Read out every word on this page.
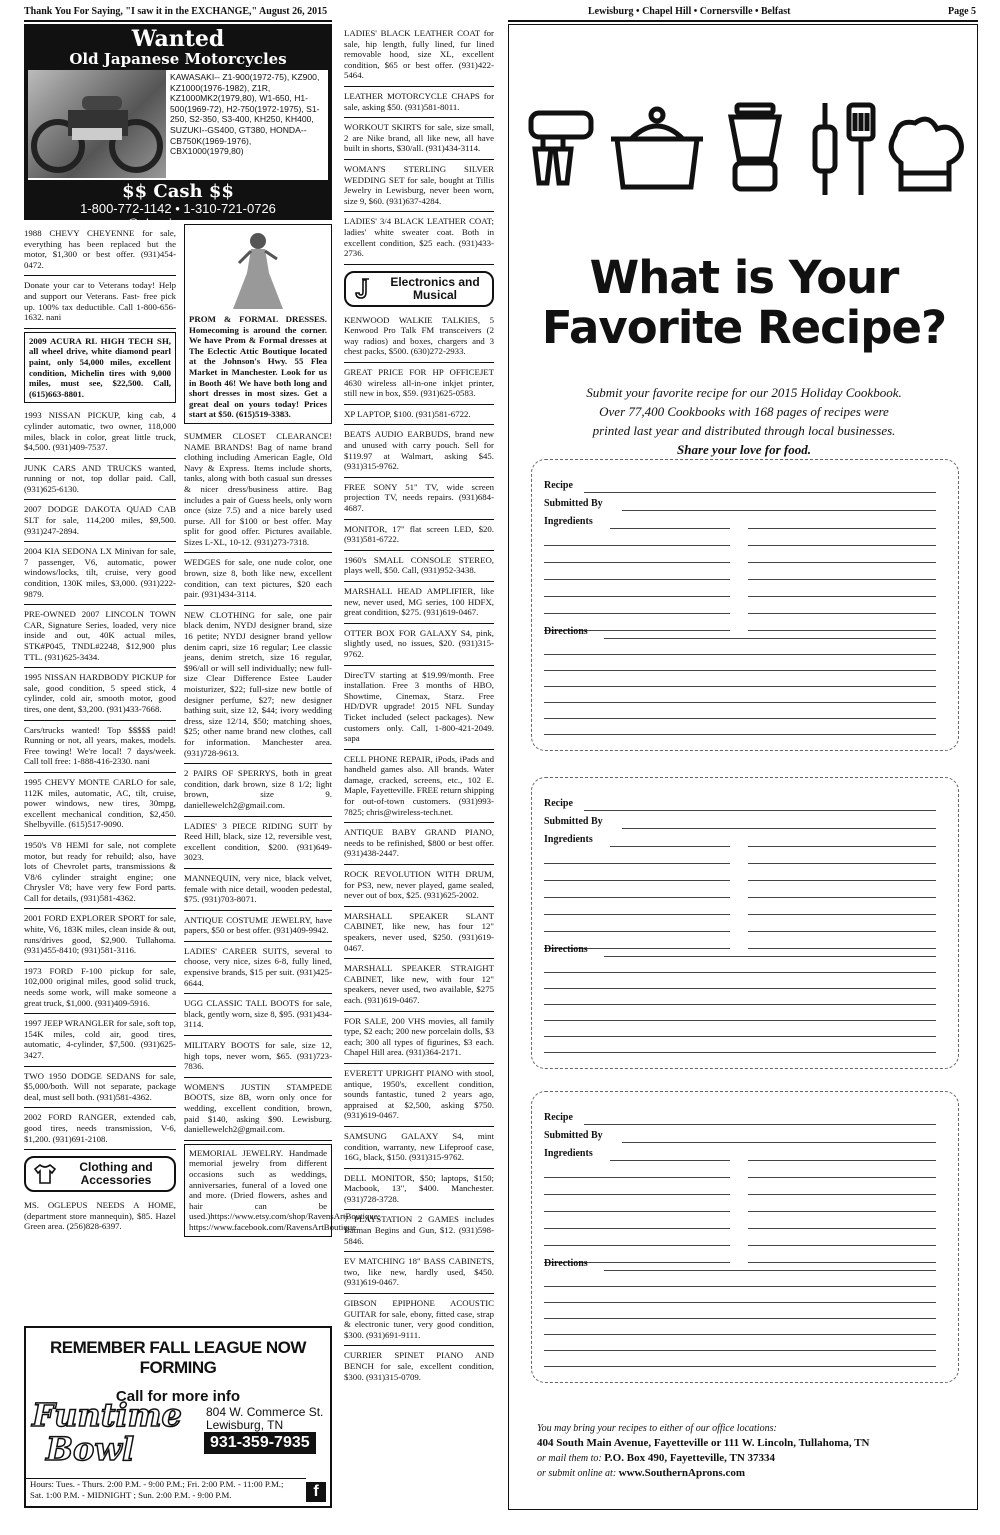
Thank You For Saying, "I saw it in the EXCHANGE," August 26, 2015	Lewisburg • Chapel Hill • Cornersville • Belfast	Page 5
Wanted
Old Japanese Motorcycles
KAWASAKI-- Z1-900(1972-75), KZ900, KZ1000(1976-1982), Z1R, KZ1000MK2(1979,80), W1-650, H1-500(1969-72), H2-750(1972-1975), S1-250, S2-350, S3-400, KH250, KH400, SUZUKI--GS400, GT380, HONDA--CB750K(1969-1976), CBX1000(1979,80)
$$ Cash $$
1-800-772-1142 • 1-310-721-0726
usa@classicrunners.com
1988 CHEVY CHEYENNE for sale, everything has been replaced but the motor, $1,300 or best offer. (931)454-0472.
Donate your car to Veterans today! Help and support our Veterans. Fast- free pick up. 100% tax deductible. Call 1-800-656-1632. nani
2009 ACURA RL HIGH TECH SH, all wheel drive, white diamond pearl paint, only 54,000 miles, excellent condition, Michelin tires with 9,000 miles, must see, $22,500. Call, (615)663-8801.
1993 NISSAN PICKUP, king cab, 4 cylinder automatic, two owner, 118,000 miles, black in color, great little truck, $4,500. (931)409-7537.
JUNK CARS AND TRUCKS wanted, running or not, top dollar paid. Call, (931)625-6130.
2007 DODGE DAKOTA QUAD CAB SLT for sale, 114,200 miles, $9,500. (931)247-2894.
2004 KIA SEDONA LX Minivan for sale, 7 passenger, V6, automatic, power windows/locks, tilt, cruise, very good condition, 130K miles, $3,000. (931)222-9879.
PRE-OWNED 2007 LINCOLN TOWN CAR, Signature Series, loaded, very nice inside and out, 40K actual miles, STK#P045, TNDL#2248, $12,900 plus TTL. (931)625-3434.
1995 NISSAN HARDBODY PICKUP for sale, good condition, 5 speed stick, 4 cylinder, cold air, smooth motor, good tires, one dent, $3,200. (931)433-7668.
Cars/trucks wanted! Top $$$$$ paid! Running or not, all years, makes, models. Free towing! We're local! 7 days/week. Call toll free: 1-888-416-2330. nani
1995 CHEVY MONTE CARLO for sale, 112K miles, automatic, AC, tilt, cruise, power windows, new tires, 30mpg, excellent mechanical condition, $2,450. Shelbyville. (615)517-9090.
1950's V8 HEMI for sale, not complete motor, but ready for rebuild; also, have lots of Chevrolet parts, transmissions & V8/6 cylinder straight engine; one Chrysler V8; have very few Ford parts. Call for details, (931)581-4362.
2001 FORD EXPLORER SPORT for sale, white, V6, 183K miles, clean inside & out, runs/drives good, $2,900. Tullahoma. (931)455-8410; (931)581-3116.
1973 FORD F-100 pickup for sale, 102,000 original miles, good solid truck, needs some work, will make someone a great truck, $1,000. (931)409-5916.
1997 JEEP WRANGLER for sale, soft top, 154K miles, cold air, good tires, automatic, 4-cylinder, $7,500. (931)625-3427.
TWO 1950 DODGE SEDANS for sale, $5,000/both. Will not separate, package deal, must sell both. (931)581-4362.
2002 FORD RANGER, extended cab, good tires, needs transmission, V-6, $1,200. (931)691-2108.
Clothing and Accessories
MS. OGLEPUS NEEDS A HOME, (department store mannequin), $85. Hazel Green area. (256)828-6397.
PROM & FORMAL DRESSES. Homecoming is around the corner. We have Prom & Formal dresses at The Eclectic Attic Boutique located at the Johnson's Hwy. 55 Flea Market in Manchester. Look for us in Booth 46! We have both long and short dresses in most sizes. Get a great deal on yours today! Prices start at $50. (615)519-3383.
SUMMER CLOSET CLEARANCE! NAME BRANDS! Bag of name brand clothing including American Eagle, Old Navy & Express. Items include shorts, tanks, along with both casual sun dresses & nicer dress/business attire. Bag includes a pair of Guess heels, only worn once (size 7.5) and a nice barely used purse. All for $100 or best offer. May split for good offer. Pictures available. Sizes L-XL, 10-12. (931)273-7318.
WEDGES for sale, one nude color, one brown, size 8, both like new, excellent condition, can text pictures, $20 each pair. (931)434-3114.
NEW CLOTHING for sale, one pair black denim, NYDJ designer brand, size 16 petite; NYDJ designer brand yellow denim capri, size 16 regular; Lee classic jeans, denim stretch, size 16 regular, $96/all or will sell individually; new full-size Clear Difference Estee Lauder moisturizer, $22; full-size new bottle of designer perfume, $27; new designer bathing suit, size 12, $44; ivory wedding dress, size 12/14, $50; matching shoes, $25; other name brand new clothes, call for information. Manchester area. (931)728-9613.
2 PAIRS OF SPERRYS, both in great condition, dark brown, size 8 1/2; light brown, size 9. daniellewelch2@gmail.com.
LADIES' 3 PIECE RIDING SUIT by Reed Hill, black, size 12, reversible vest, excellent condition, $200. (931)649-3023.
MANNEQUIN, very nice, black velvet, female with nice detail, wooden pedestal, $75. (931)703-8071.
ANTIQUE COSTUME JEWELRY, have papers, $50 or best offer. (931)409-9942.
LADIES' CAREER SUITS, several to choose, very nice, sizes 6-8, fully lined, expensive brands, $15 per suit. (931)425-6644.
UGG CLASSIC TALL BOOTS for sale, black, gently worn, size 8, $95. (931)434-3114.
MILITARY BOOTS for sale, size 12, high tops, never worn, $65. (931)723-7836.
WOMEN'S JUSTIN STAMPEDE BOOTS, size 8B, worn only once for wedding, excellent condition, brown, paid $140, asking $90. Lewisburg. daniellewelch2@gmail.com.
MEMORIAL JEWELRY. Handmade memorial jewelry from different occasions such as weddings, anniversaries, funeral of a loved one and more. (Dried flowers, ashes and hair can be used.)https://www.etsy.com/shop/RavensArtBoutique; https://www.facebook.com/RavensArtBoutique.
LADIES' BLACK LEATHER COAT for sale, hip length, fully lined, fur lined removable hood, size XL, excellent condition, $65 or best offer. (931)422-5464.
LEATHER MOTORCYCLE CHAPS for sale, asking $50. (931)581-8011.
WORKOUT SKIRTS for sale, size small, 2 are Nike brand, all like new, all have built in shorts, $30/all. (931)434-3114.
WOMAN'S STERLING SILVER WEDDING SET for sale, bought at Tillis Jewelry in Lewisburg, never been worn, size 9, $60. (931)637-4284.
LADIES' 3/4 BLACK LEATHER COAT; ladies' white sweater coat. Both in excellent condition, $25 each. (931)433-2736.
Electronics and Musical
KENWOOD WALKIE TALKIES, 5 Kenwood Pro Talk FM transceivers (2 way radios) and boxes, chargers and 3 chest packs, $500. (630)272-2933.
GREAT PRICE FOR HP OFFICEJET 4630 wireless all-in-one inkjet printer, still new in box, $59. (931)625-0583.
XP LAPTOP, $100. (931)581-6722.
BEATS AUDIO EARBUDS, brand new and unused with carry pouch. Sell for $119.97 at Walmart, asking $45. (931)315-9762.
FREE SONY 51" TV, wide screen projection TV, needs repairs. (931)684-4687.
MONITOR, 17" flat screen LED, $20. (931)581-6722.
1960's SMALL CONSOLE STEREO, plays well, $50. Call, (931)952-3438.
MARSHALL HEAD AMPLIFIER, like new, never used, MG series, 100 HDFX, great condition, $275. (931)619-0467.
OTTER BOX FOR GALAXY S4, pink, slightly used, no issues, $20. (931)315-9762.
DirecTV starting at $19.99/month. Free installation. Free 3 months of HBO, Showtime, Cinemax, Starz. Free HD/DVR upgrade! 2015 NFL Sunday Ticket included (select packages). New customers only. Call, 1-800-421-2049. sapa
CELL PHONE REPAIR, iPods, iPads and handheld games also. All brands. Water damage, cracked, screens, etc., 102 E. Maple, Fayetteville. FREE return shipping for out-of-town customers. (931)993-7825; chris@wireless-tech.net.
ANTIQUE BABY GRAND PIANO, needs to be refinished, $800 or best offer. (931)438-2447.
ROCK REVOLUTION WITH DRUM, for PS3, new, never played, game sealed, never out of box, $25. (931)625-2002.
MARSHALL SPEAKER SLANT CABINET, like new, has four 12" speakers, never used, $250. (931)619-0467.
MARSHALL SPEAKER STRAIGHT CABINET, like new, with four 12" speakers, never used, two available, $275 each. (931)619-0467.
FOR SALE, 200 VHS movies, all family type, $2 each; 200 new porcelain dolls, $3 each; 300 all types of figurines, $3 each. Chapel Hill area. (931)364-2171.
EVERETT UPRIGHT PIANO with stool, antique, 1950's, excellent condition, sounds fantastic, tuned 2 years ago, appraised at $2,500, asking $750. (931)619-0467.
SAMSUNG GALAXY S4, mint condition, warranty, new Lifeproof case, 16G, black, $150. (931)315-9762.
DELL MONITOR, $50; laptops, $150; Macbook, 13", $400. Manchester. (931)728-3728.
7 PLAYSTATION 2 GAMES includes Batman Begins and Gun, $12. (931)598-5846.
EV MATCHING 18" BASS CABINETS, two, like new, hardly used, $450. (931)619-0467.
GIBSON EPIPHONE ACOUSTIC GUITAR for sale, ebony, fitted case, strap & electronic tuner, very good condition, $300. (931)691-9111.
CURRIER SPINET PIANO AND BENCH for sale, excellent condition, $300. (931)315-0709.
REMEMBER FALL LEAGUE NOW FORMING
Call for more info
Funtime
Bowl
804 W. Commerce St.
Lewisburg, TN
931-359-7935
Hours: Tues. - Thurs. 2:00 P.M. - 9:00 P.M.; Fri. 2:00 P.M. - 11:00 P.M.;
Sat. 1:00 P.M. - MIDNIGHT ; Sun. 2:00 P.M. - 9:00 P.M.	f
What is Your
Favorite Recipe?
Submit your favorite recipe for our 2015 Holiday Cookbook.
Over 77,400 Cookbooks with 168 pages of recipes were
printed last year and distributed through local businesses.
Share your love for food.
Recipe
Submitted By
Ingredients
Directions
Recipe
Submitted By
Ingredients
Directions
Recipe
Submitted By
Ingredients
Directions
You may bring your recipes to either of our office locations:
404 South Main Avenue, Fayetteville or 111 W. Lincoln, Tullahoma, TN
or mail them to: P.O. Box 490, Fayetteville, TN 37334
or submit online at: www.SouthernAprons.com
